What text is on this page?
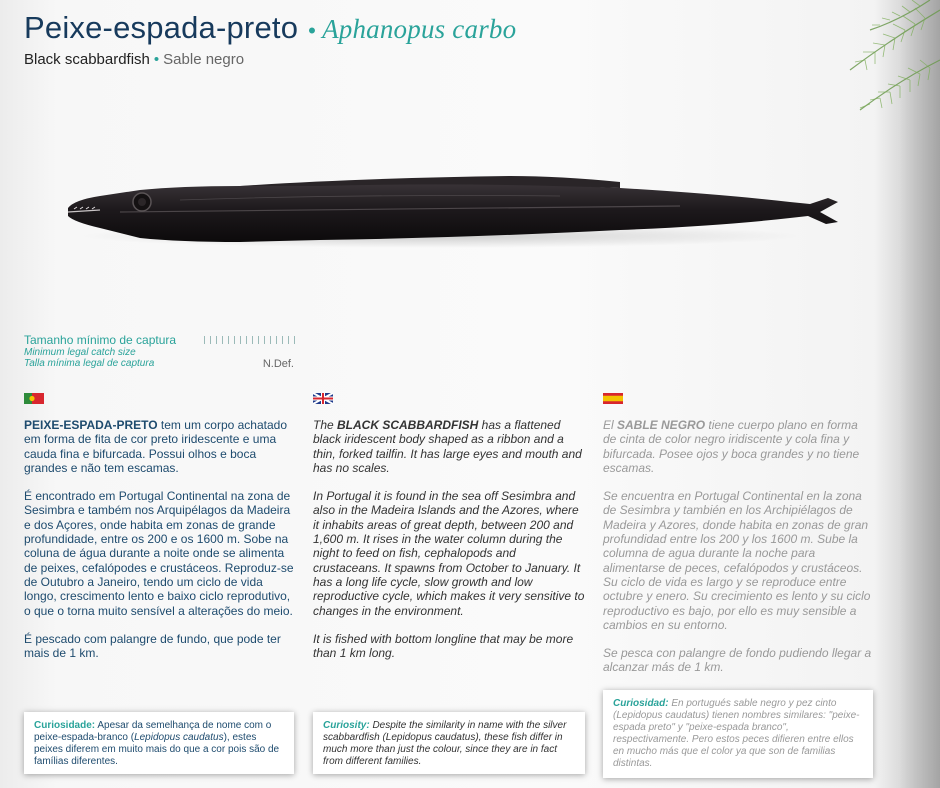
Peixe-espada-preto • Aphanopus carbo
Black scabbardfish • Sable negro
Tamanho mínimo de captura
Minimum legal catch size
Talla mínima legal de captura	N.Def.

PEIXE-ESPADA-PRETO tem um corpo achatado em forma de fita de cor preto iridescente e uma cauda fina e bifurcada. Possui olhos e boca grandes e não tem escamas.

É encontrado em Portugal Continental na zona de Sesimbra e também nos Arquipélagos da Madeira e dos Açores, onde habita em zonas de grande profundidade, entre os 200 e os 1600 m. Sobe na coluna de água durante a noite onde se alimenta de peixes, cefalópodes e crustáceos. Reproduz-se de Outubro a Janeiro, tendo um ciclo de vida longo, crescimento lento e baixo ciclo reprodutivo, o que o torna muito sensível a alterações do meio.

É pescado com palangre de fundo, que pode ter mais de 1 km.

The BLACK SCABBARDFISH has a flattened black iridescent body shaped as a ribbon and a thin, forked tailfin. It has large eyes and mouth and has no scales.

In Portugal it is found in the sea off Sesimbra and also in the Madeira Islands and the Azores, where it inhabits areas of great depth, between 200 and 1,600 m. It rises in the water column during the night to feed on fish, cephalopods and crustaceans. It spawns from October to January. It has a long life cycle, slow growth and low reproductive cycle, which makes it very sensitive to changes in the environment.

It is fished with bottom longline that may be more than 1 km long.

El SABLE NEGRO tiene cuerpo plano en forma de cinta de color negro iridiscente y cola fina y bifurcada. Posee ojos y boca grandes y no tiene escamas.

Se encuentra en Portugal Continental en la zona de Sesimbra y también en los Archipiélagos de Madeira y Azores, donde habita en zonas de gran profundidad entre los 200 y los 1600 m. Sube la columna de agua durante la noche para alimentarse de peces, cefalópodos y crustáceos. Su ciclo de vida es largo y se reproduce entre octubre y enero. Su crecimiento es lento y su ciclo reproductivo es bajo, por ello es muy sensible a cambios en su entorno.

Se pesca con palangre de fondo pudiendo llegar a alcanzar más de 1 km.

Curiosidade: Apesar da semelhança de nome com o peixe-espada-branco (Lepidopus caudatus), estes peixes diferem em muito mais do que a cor pois são de famílias diferentes.
Curiosity: Despite the similarity in name with the silver scabbardfish (Lepidopus caudatus), these fish differ in much more than just the colour, since they are in fact from different families.
Curiosidad: En portugués sable negro y pez cinto (Lepidopus caudatus) tienen nombres similares: "peixe-espada preto" y "peixe-espada branco", respectivamente. Pero estos peces difieren entre ellos en mucho más que el color ya que son de familias distintas.
